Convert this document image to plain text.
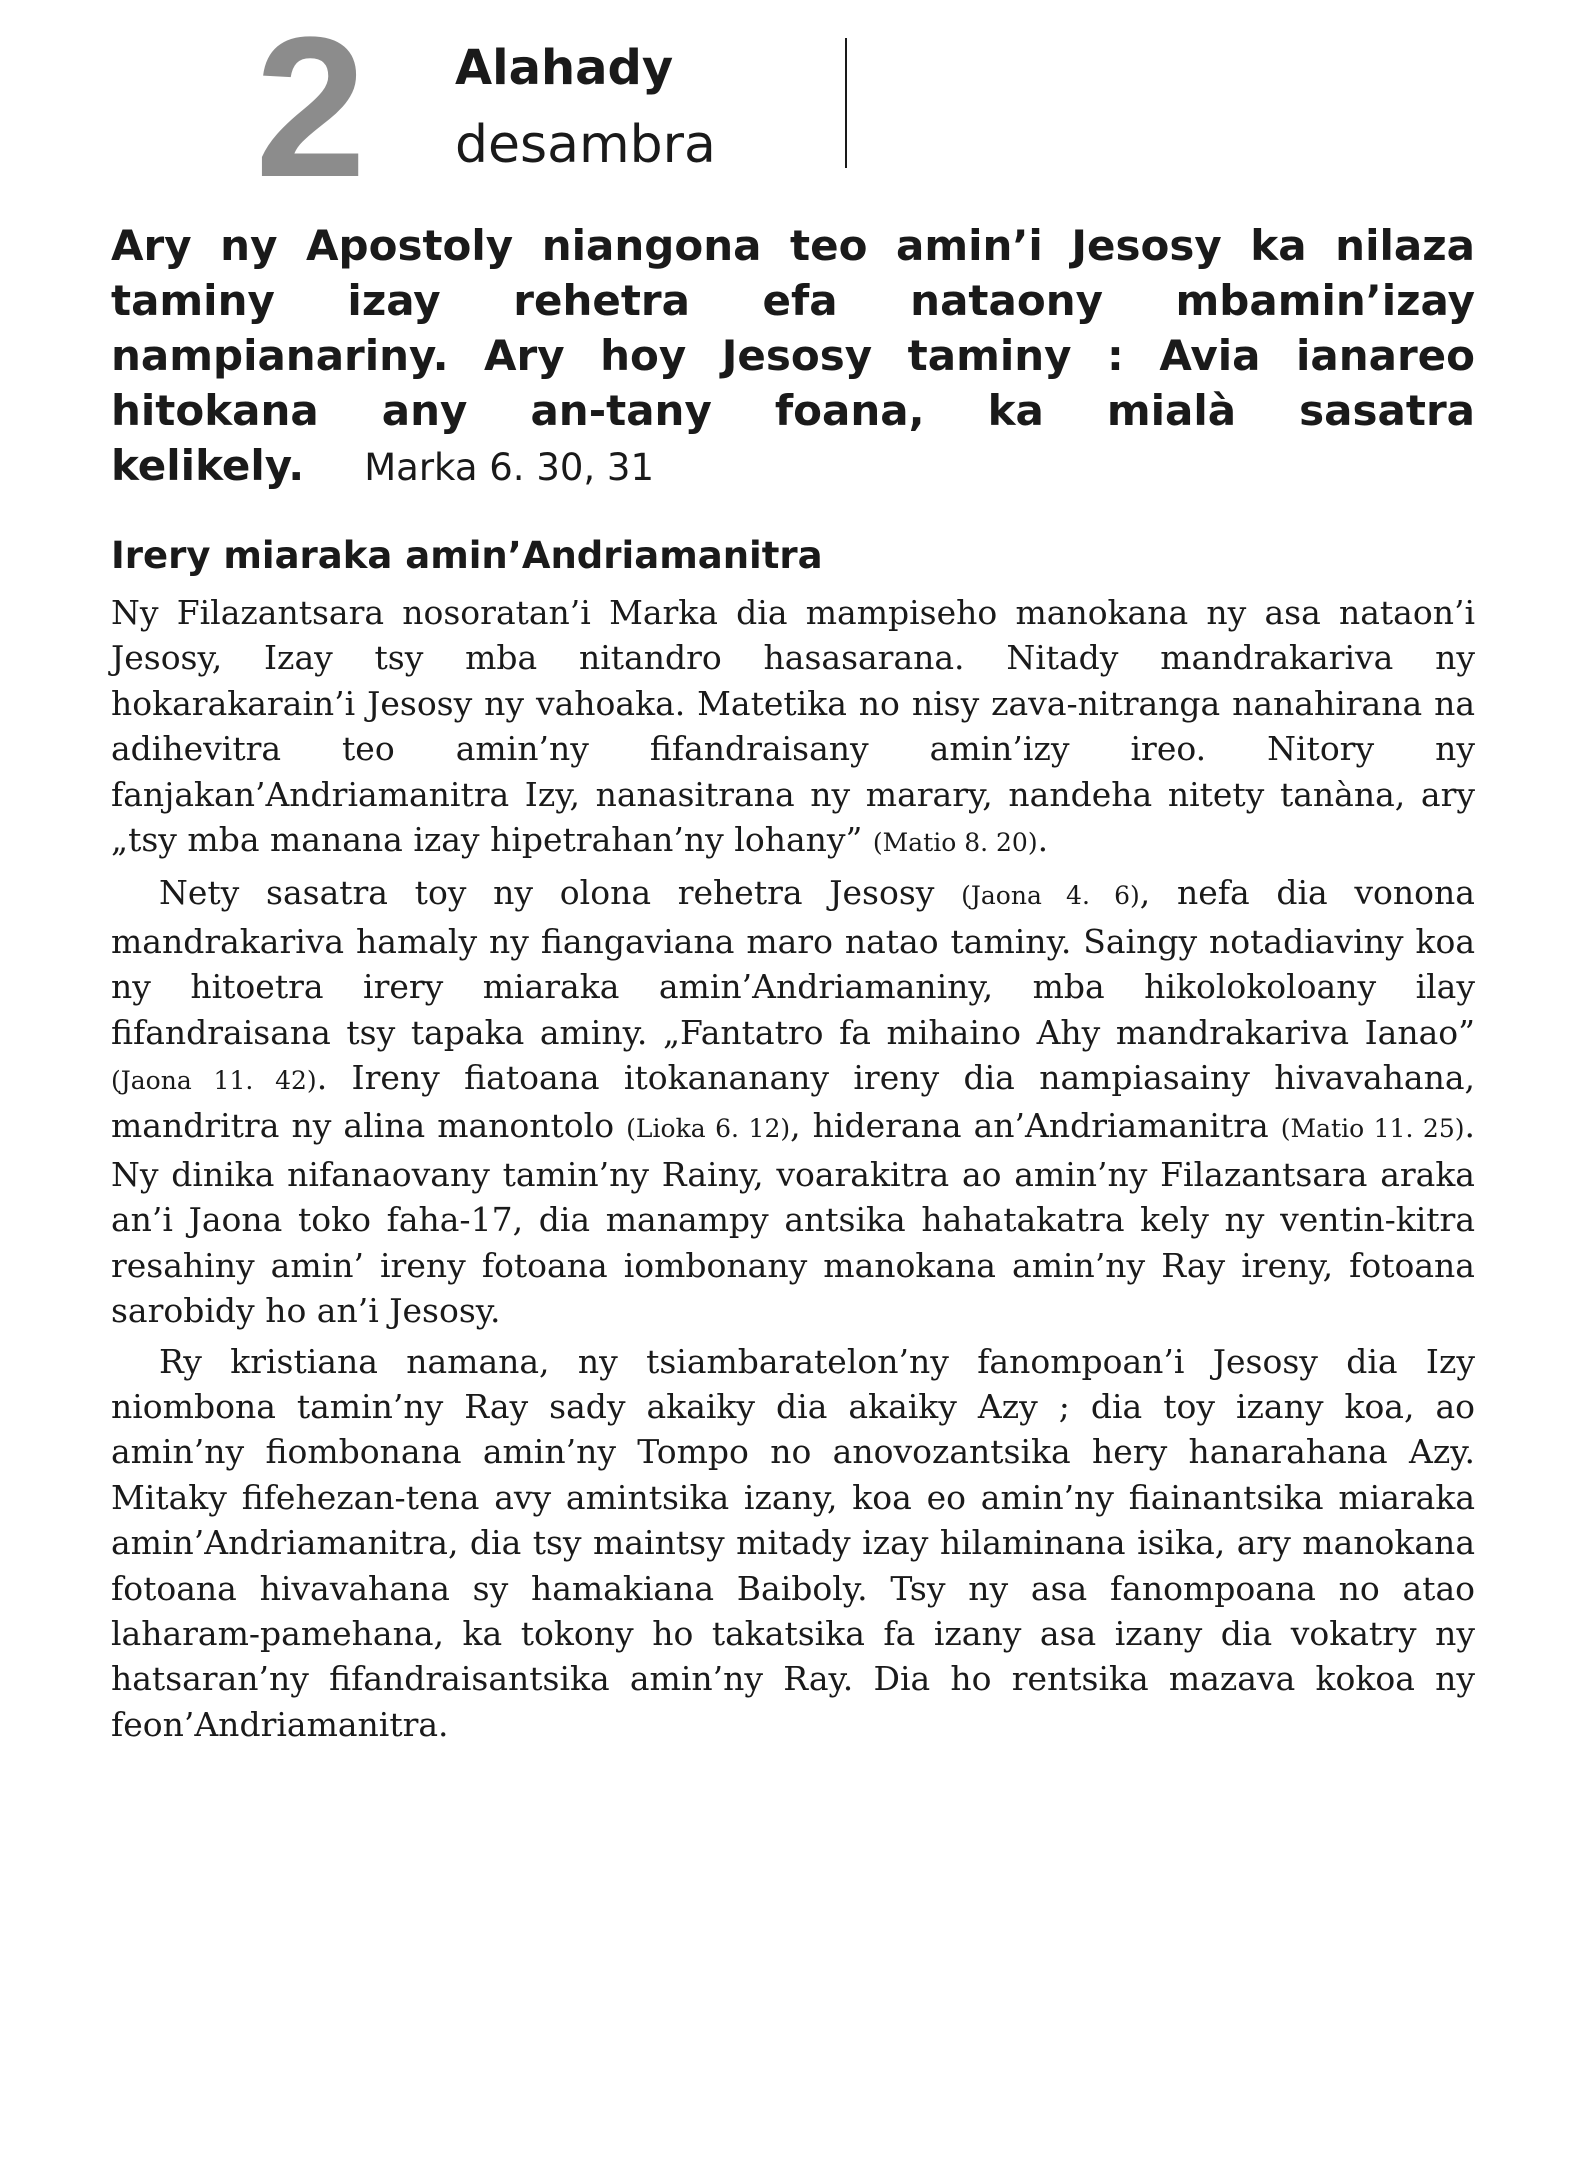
2 Alahady
desambra

Ary ny Apostoly niangona teo amin’i Jesosy ka nilaza taminy izay rehetra efa nataony mbamin’izay nampianariny. Ary hoy Jesosy taminy : Avia ianareo hitokana any an-tany foana, ka mialà sasatra kelikely. Marka 6. 30, 31

Irery miaraka amin’Andriamanitra

Ny Filazantsara nosoratan’i Marka dia mampiseho manokana ny asa nataon’i Jesosy, Izay tsy mba nitandro hasasarana. Nitady mandrakariva ny hokarakarain’i Jesosy ny vahoaka. Matetika no nisy zava-nitranga nanahirana na adihevitra teo amin’ny fifandraisany amin’izy ireo. Nitory ny fanjakan’Andriamanitra Izy, nanasitrana ny marary, nandeha nitety tanàna, ary „tsy mba manana izay hipetrahan’ny lohany” (Matio 8. 20).

Nety sasatra toy ny olona rehetra Jesosy (Jaona 4. 6), nefa dia vonona mandrakariva hamaly ny fiangaviana maro natao taminy. Saingy notadiaviny koa ny hitoetra irery miaraka amin’Andriamaniny, mba hikolokoloany ilay fifandraisana tsy tapaka aminy. „Fantatro fa mihaino Ahy mandrakariva Ianao” (Jaona 11. 42). Ireny fiatoana itokananany ireny dia nampiasainy hivavahana, mandritra ny alina manontolo (Lioka 6. 12), hiderana an’Andriamanitra (Matio 11. 25). Ny dinika nifanaovany tamin’ny Rainy, voarakitra ao amin’ny Filazantsara araka an’i Jaona toko faha-17, dia manampy antsika hahatakatra kely ny ventin-kitra resahiny amin’ ireny fotoana iombonany manokana amin’ny Ray ireny, fotoana sarobidy ho an’i Jesosy.

Ry kristiana namana, ny tsiambaratelon’ny fanompoan’i Jesosy dia Izy niombona tamin’ny Ray sady akaiky dia akaiky Azy ; dia toy izany koa, ao amin’ny fiombonana amin’ny Tompo no anovozantsika hery hanarahana Azy. Mitaky fifehezan-tena avy amintsika izany, koa eo amin’ny fiainantsika miaraka amin’Andriamanitra, dia tsy maintsy mitady izay hilaminana isika, ary manokana fotoana hivavahana sy hamakiana Baiboly. Tsy ny asa fanompoana no atao laharam-pamehana, ka tokony ho takatsika fa izany asa izany dia vokatry ny hatsaran’ny fifandraisantsika amin’ny Ray. Dia ho rentsika mazava kokoa ny feon’Andriamanitra.
